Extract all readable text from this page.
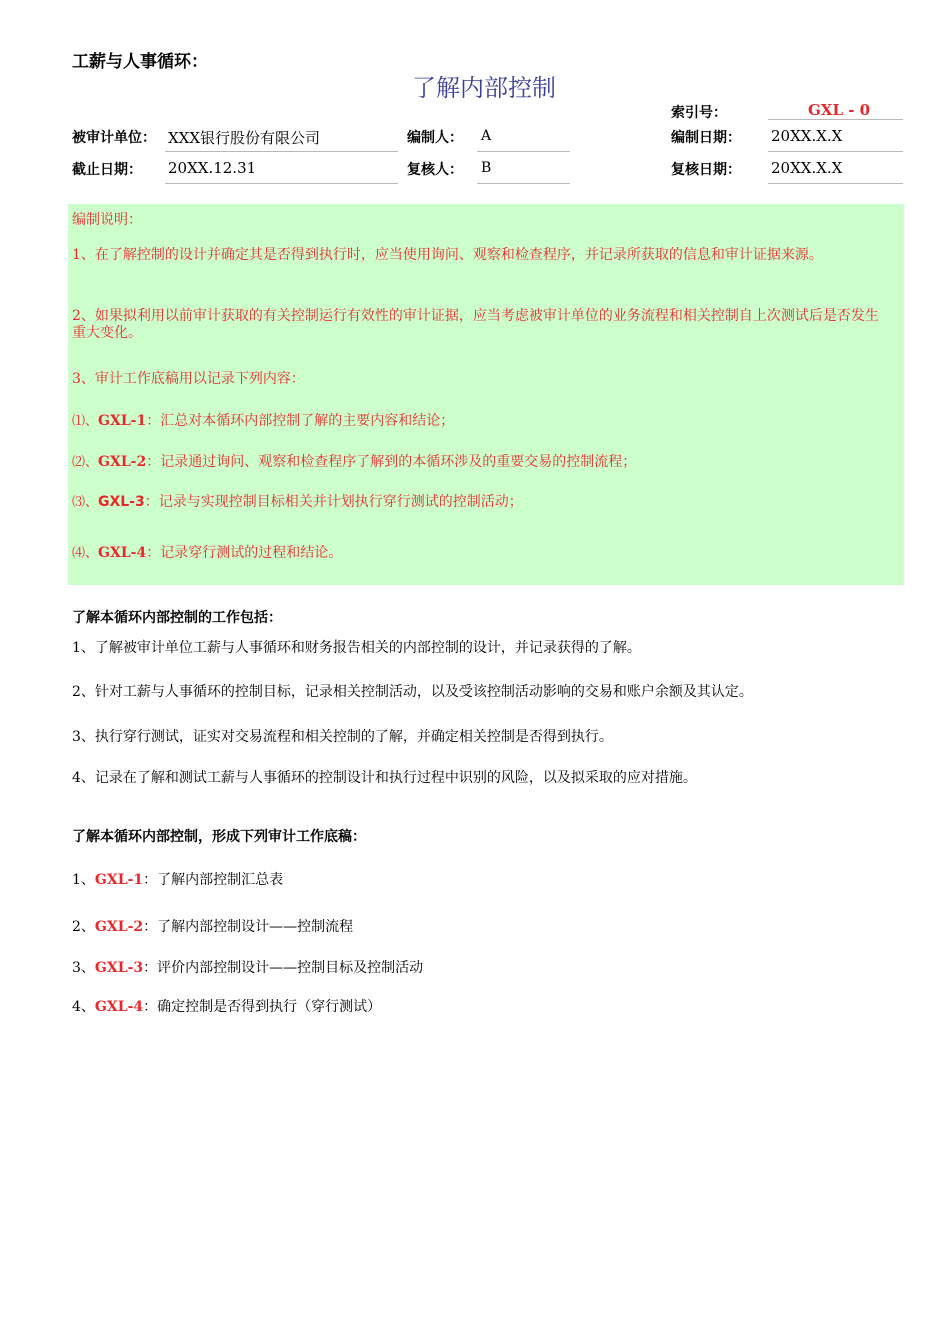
工薪与人事循环：
了解内部控制
索引号：	GXL - 0
被审计单位： XXX银行股份有限公司	编制人： A	编制日期： 20XX.X.X
截止日期： 20XX.12.31	复核人： B	复核日期： 20XX.X.X
编制说明：
1、在了解控制的设计并确定其是否得到执行时，应当使用询问、观察和检查程序，并记录所获取的信息和审计证据来源。
2、如果拟利用以前审计获取的有关控制运行有效性的审计证据，应当考虑被审计单位的业务流程和相关控制自上次测试后是否发生重大变化。
3、审计工作底稿用以记录下列内容：
⑴、GXL-1：汇总对本循环内部控制了解的主要内容和结论；
⑵、GXL-2：记录通过询问、观察和检查程序了解到的本循环涉及的重要交易的控制流程；
⑶、GXL-3：记录与实现控制目标相关并计划执行穿行测试的控制活动；
⑷、GXL-4：记录穿行测试的过程和结论。
了解本循环内部控制的工作包括：
1、了解被审计单位工薪与人事循环和财务报告相关的内部控制的设计，并记录获得的了解。
2、针对工薪与人事循环的控制目标，记录相关控制活动，以及受该控制活动影响的交易和账户余额及其认定。
3、执行穿行测试，证实对交易流程和相关控制的了解，并确定相关控制是否得到执行。
4、记录在了解和测试工薪与人事循环的控制设计和执行过程中识别的风险，以及拟采取的应对措施。
了解本循环内部控制，形成下列审计工作底稿：
1、GXL-1：了解内部控制汇总表
2、GXL-2：了解内部控制设计——控制流程
3、GXL-3：评价内部控制设计——控制目标及控制活动
4、GXL-4：确定控制是否得到执行（穿行测试）
